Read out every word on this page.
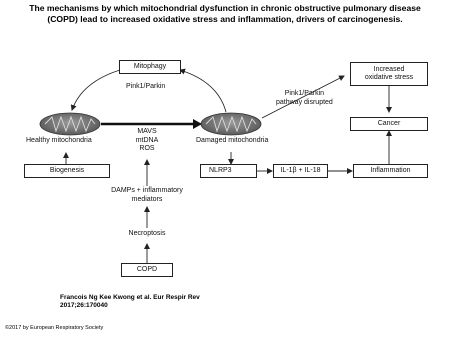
The mechanisms by which mitochondrial dysfunction in chronic obstructive pulmonary disease
(COPD) lead to increased oxidative stress and inflammation, drivers of carcinogenesis.
Mitophagy
Pink1/Parkin
Increased
oxidative stress
Pink1/Parkin
pathway disrupted
Cancer
Healthy mitochondria	Damaged mitochondria
MAVS
mtDNA
ROS
Biogenesis	NLRP3	IL-1β + IL-18	Inflammation
DAMPs + inflammatory
mediators
Necroptosis
COPD
Francois Ng Kee Kwong et al. Eur Respir Rev
2017;26:170040
©2017 by European Respiratory Society
